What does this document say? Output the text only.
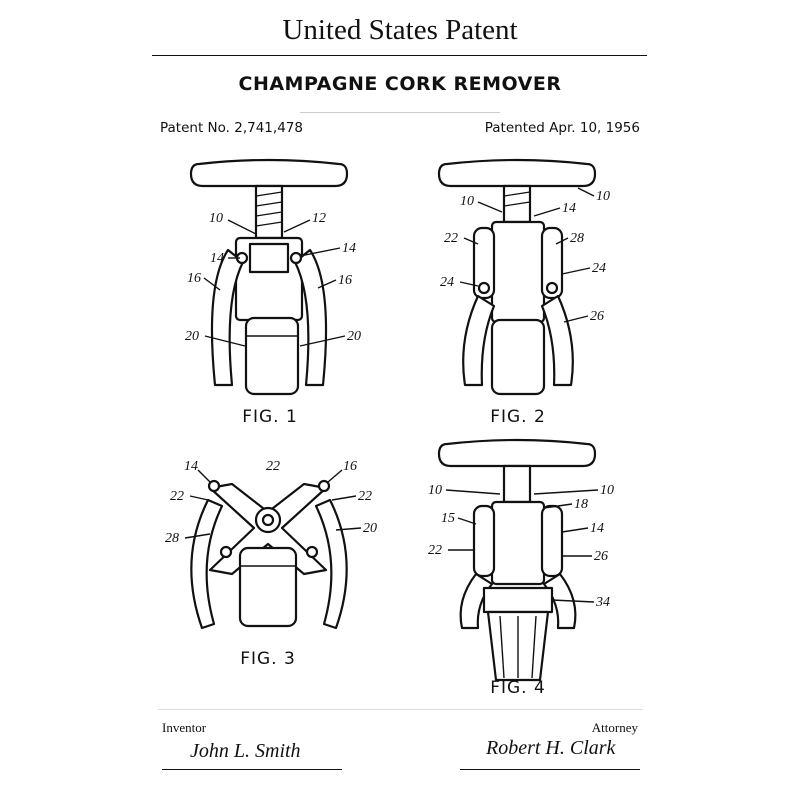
United States Patent
CHAMPAGNE CORK REMOVER
Patent No. 2,741,478	Patented Apr. 10, 1956
10	12
14
14
16	16
20	20
10
10	14
22	28
24
24
26
14	22	16
22	22
28
20
10	10
18
15
14
22	26
34
FIG. 1	FIG. 2
FIG. 3
FIG. 4
Inventor	Attorney
John L. Smith	Robert H. Clark
